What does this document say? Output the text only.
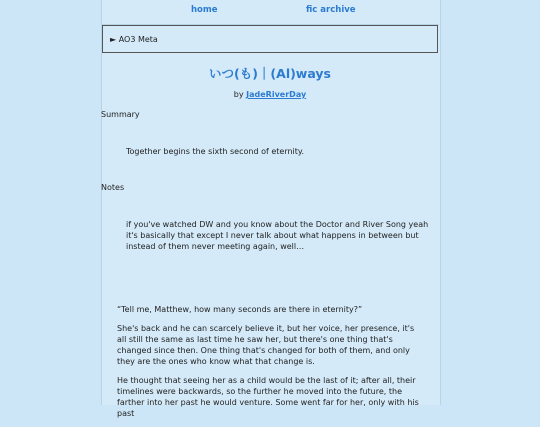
home	fic archive
► AO3 Meta
いつ(も)｜(Al)ways
by JadeRiverDay
Summary
Together begins the sixth second of eternity.
Notes
if you've watched DW and you know about the Doctor and River Song yeah it's basically that except I never talk about what happens in between but instead of them never meeting again, well…

“Tell me, Matthew, how many seconds are there in eternity?”

She's back and he can scarcely believe it, but her voice, her presence, it's all still the same as last time he saw her, but there's one thing that's changed since then. One thing that's changed for both of them, and only they are the ones who know what that change is.

He thought that seeing her as a child would be the last of it; after all, their timelines were backwards, so the further he moved into the future, the farther into her past he would venture. Some went far for her, only with his past
